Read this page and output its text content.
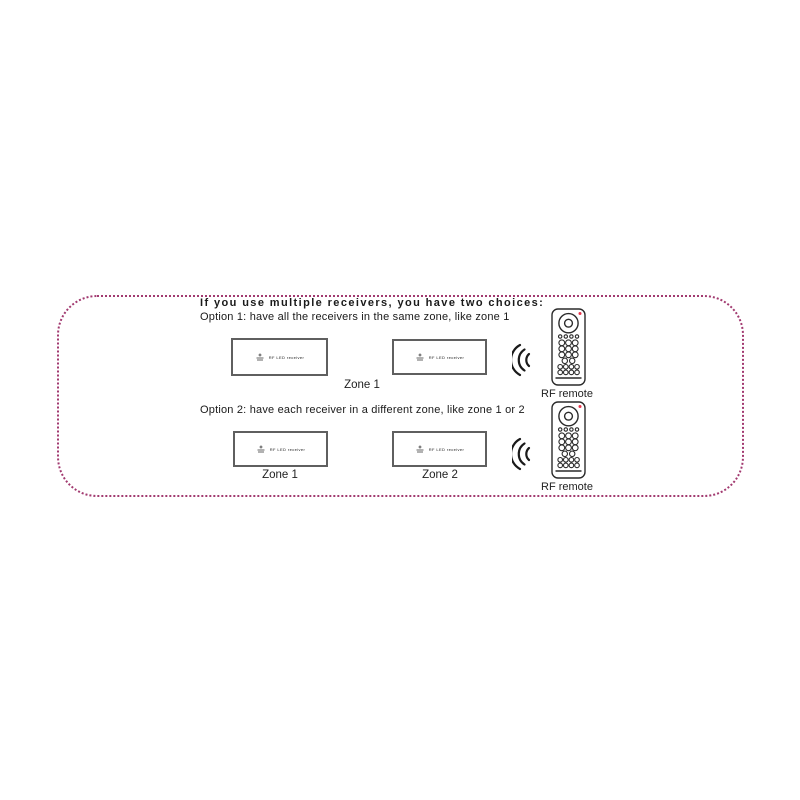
If you use multiple receivers, you have two choices:
Option 1: have all the receivers in the same zone, like zone 1
Option 2: have each receiver in a different zone, like zone 1 or 2
RF LED receiver	RF LED receiver
Zone 1
RF remote
RF LED receiver	RF LED receiver
Zone 1	Zone 2
RF remote
